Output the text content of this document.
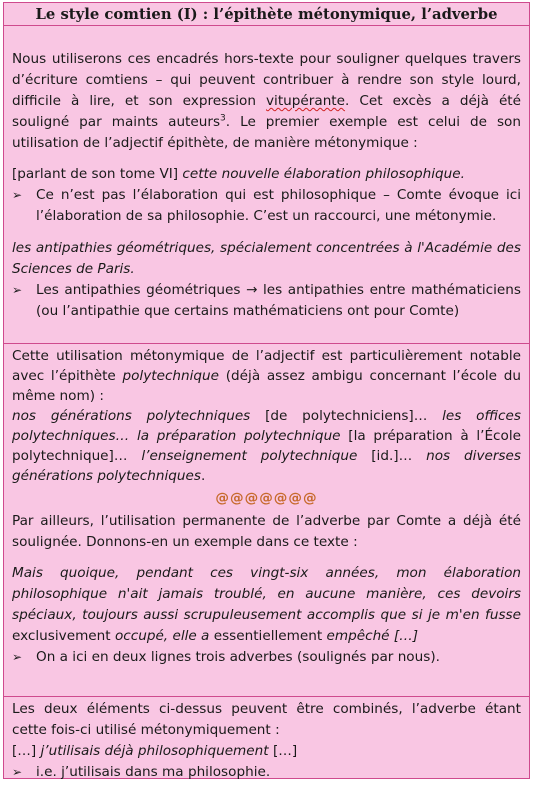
Le style comtien (I) : l’épithète métonymique, l’adverbe

Nous utiliserons ces encadrés hors-texte pour souligner quelques travers
d’écriture comtiens – qui peuvent contribuer à rendre son style lourd,
difficile à lire, et son expression vitupérante. Cet excès a déjà été
souligné par maints auteurs$^3$. Le premier exemple est celui de son
utilisation de l’adjectif épithète, de manière métonymique :

[parlant de son tome VI] cette nouvelle élaboration philosophique.

➢	Ce n’est pas l’élaboration qui est philosophique – Comte évoque ici
l’élaboration de sa philosophie. C’est un raccourci, une métonymie.

les antipathies géométriques, spécialement concentrées à l'Académie des
Sciences de Paris.

➢	Les antipathies géométriques → les antipathies entre mathématiciens
(ou l’antipathie que certains mathématiciens ont pour Comte)

Cette utilisation métonymique de l’adjectif est particulièrement notable
avec l’épithète polytechnique (déjà assez ambigu concernant l’école du
même nom) :
nos générations polytechniques [de polytechniciens]… les offices
polytechniques… la préparation polytechnique [la préparation à l’École
polytechnique]… l’enseignement polytechnique [id.]… nos diverses
générations polytechniques.

@@@@@@@

Par ailleurs, l’utilisation permanente de l’adverbe par Comte a déjà été
soulignée. Donnons-en un exemple dans ce texte :

Mais quoique, pendant ces vingt-six années, mon élaboration
philosophique n'ait jamais troublé, en aucune manière, ces devoirs
spéciaux, toujours aussi scrupuleusement accomplis que si je m'en fusse
exclusivement occupé, elle a essentiellement empêché […]

➢	On a ici en deux lignes trois adverbes (soulignés par nous).

Les deux éléments ci-dessus peuvent être combinés, l’adverbe étant
cette fois-ci utilisé métonymiquement :
[…] j’utilisais déjà philosophiquement […]

➢	i.e. j’utilisais dans ma philosophie.
